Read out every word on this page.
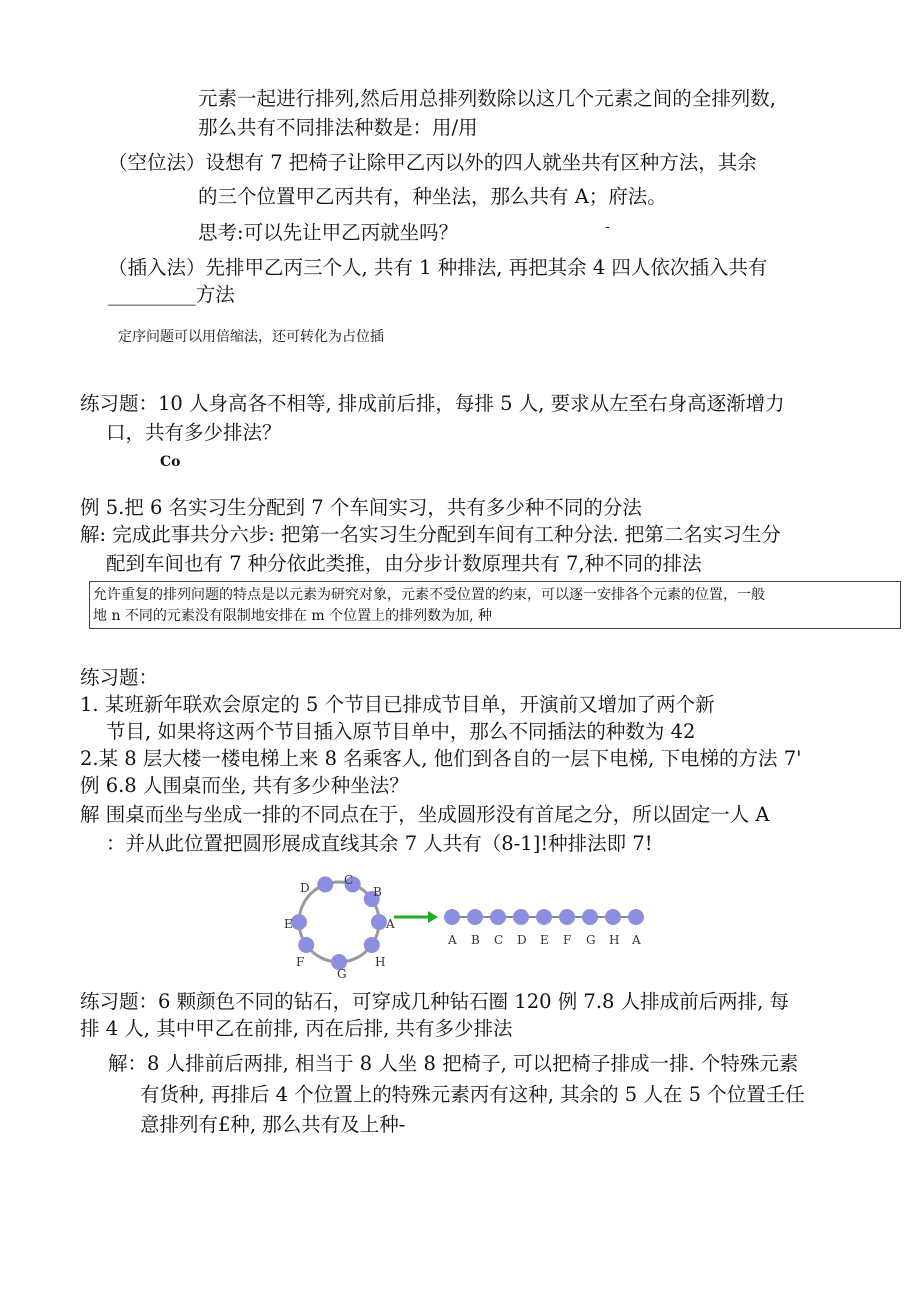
元素一起进行排列,然后用总排列数除以这几个元素之间的全排列数,
那么共有不同排法种数是：用/用
（空位法）设想有 7 把椅子让除甲乙丙以外的四人就坐共有区种方法，其余
的三个位置甲乙丙共有，种坐法，那么共有 A；府法。
思考:可以先让甲乙丙就坐吗？	-
（插入法）先排甲乙丙三个人, 共有 1 种排法, 再把其余 4 四人依次插入共有
_________方法
定序问题可以用倍缩法，还可转化为占位插
练习题：10 人身高各不相等, 排成前后排，每排 5 人, 要求从左至右身高逐渐增力
口，共有多少排法？
Co
例 5.把 6 名实习生分配到 7 个车间实习，共有多少种不同的分法
解: 完成此事共分六步: 把第一名实习生分配到车间有工种分法. 把第二名实习生分
配到车间也有 7 种分依此类推，由分步计数原理共有 7,种不同的排法
允许重复的排列问题的特点是以元素为研究对象，元素不受位置的约束，可以逐一安排各个元素的位置，一般
地 n 不同的元素没有限制地安排在 m 个位置上的排列数为加, 种
练习题：
1. 某班新年联欢会原定的 5 个节目已排成节目单，开演前又增加了两个新
节目, 如果将这两个节目插入原节目单中，那么不同插法的种数为 42
2.某 8 层大楼一楼电梯上来 8 名乘客人, 他们到各自的一层下电梯, 下电梯的方法 7'
例 6.8 人围桌而坐, 共有多少种坐法？
解 围桌而坐与坐成一排的不同点在于，坐成圆形没有首尾之分，所以固定一人 A
：并从此位置把圆形展成直线其余 7 人共有（8-1]!种排法即 7!
D
C
B
E	A
F
G
H
A B C D E F G H A
练习题：6 颗颜色不同的钻石，可穿成几种钻石圈 120 例 7.8 人排成前后两排, 每
排 4 人, 其中甲乙在前排, 丙在后排, 共有多少排法
解：8 人排前后两排, 相当于 8 人坐 8 把椅子, 可以把椅子排成一排. 个特殊元素
有货种, 再排后 4 个位置上的特殊元素丙有这种, 其余的 5 人在 5 个位置壬任
意排列有£种, 那么共有及上种-
